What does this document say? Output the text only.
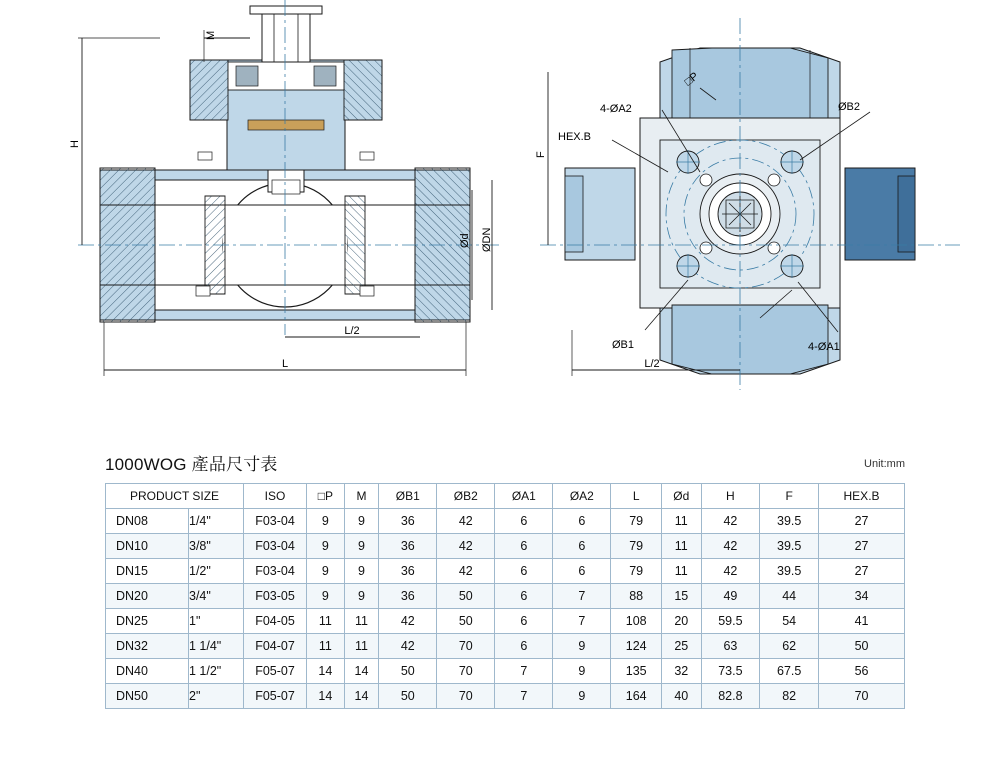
M
H
Ød ØDN
L/2
L
4-ØA2	ØB2
HEX.B
□P
F
ØB1	4-ØA1
L/2
1000WOG 產品尺寸表	Unit:mm
PRODUCT SIZE		ISO	□P	M	ØB1	ØB2	ØA1	ØA2	L	Ød	H	F	HEX.B
DN08	1/4"	F03-04	9	9	36	42	6	6	79	11	42	39.5	27
DN10	3/8"	F03-04	9	9	36	42	6	6	79	11	42	39.5	27
DN15	1/2"	F03-04	9	9	36	42	6	6	79	11	42	39.5	27
DN20	3/4"	F03-05	9	9	36	50	6	7	88	15	49	44	34
DN25	1"	F04-05	11	11	42	50	6	7	108	20	59.5	54	41
DN32	1 1/4"	F04-07	11	11	42	70	6	9	124	25	63	62	50
DN40	1 1/2"	F05-07	14	14	50	70	7	9	135	32	73.5	67.5	56
DN50	2"	F05-07	14	14	50	70	7	9	164	40	82.8	82	70
